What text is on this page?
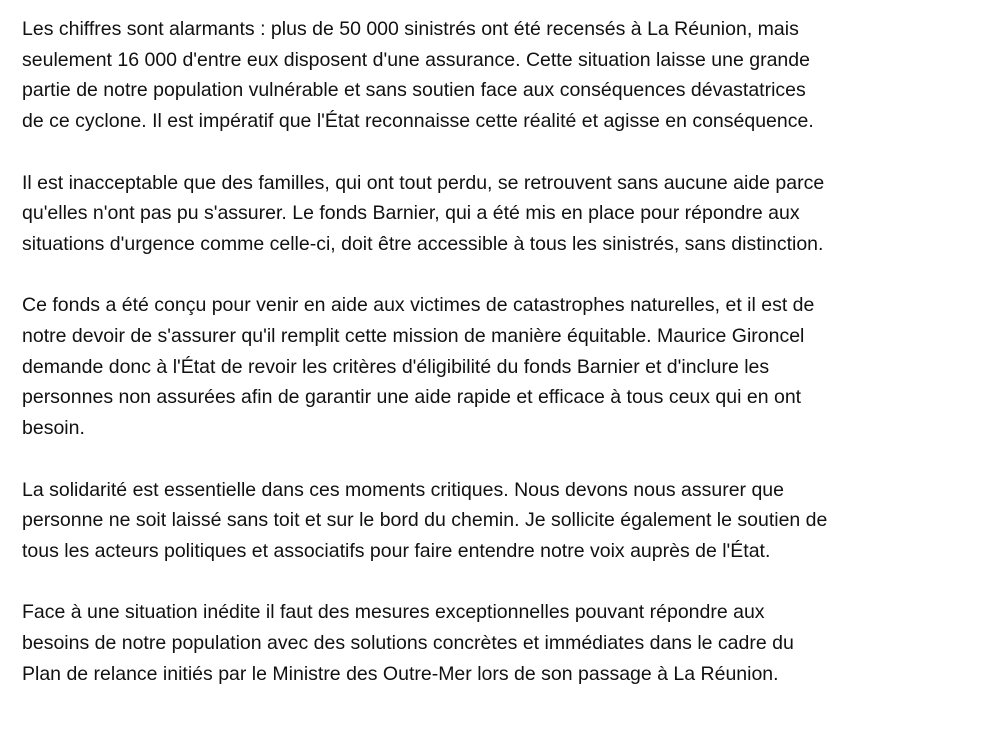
Les chiffres sont alarmants : plus de 50 000 sinistrés ont été recensés à La Réunion, mais
seulement 16 000 d'entre eux disposent d'une assurance. Cette situation laisse une grande
partie de notre population vulnérable et sans soutien face aux conséquences dévastatrices
de ce cyclone. Il est impératif que l'État reconnaisse cette réalité et agisse en conséquence.

Il est inacceptable que des familles, qui ont tout perdu, se retrouvent sans aucune aide parce
qu'elles n'ont pas pu s'assurer. Le fonds Barnier, qui a été mis en place pour répondre aux
situations d'urgence comme celle-ci, doit être accessible à tous les sinistrés, sans distinction.

Ce fonds a été conçu pour venir en aide aux victimes de catastrophes naturelles, et il est de
notre devoir de s'assurer qu'il remplit cette mission de manière équitable. Maurice Gironcel
demande donc à l'État de revoir les critères d'éligibilité du fonds Barnier et d'inclure les
personnes non assurées afin de garantir une aide rapide et efficace à tous ceux qui en ont
besoin.

La solidarité est essentielle dans ces moments critiques. Nous devons nous assurer que
personne ne soit laissé sans toit et sur le bord du chemin. Je sollicite également le soutien de
tous les acteurs politiques et associatifs pour faire entendre notre voix auprès de l'État.

Face à une situation inédite il faut des mesures exceptionnelles pouvant répondre aux
besoins de notre population avec des solutions concrètes et immédiates dans le cadre du
Plan de relance initiés par le Ministre des Outre-Mer lors de son passage à La Réunion.
